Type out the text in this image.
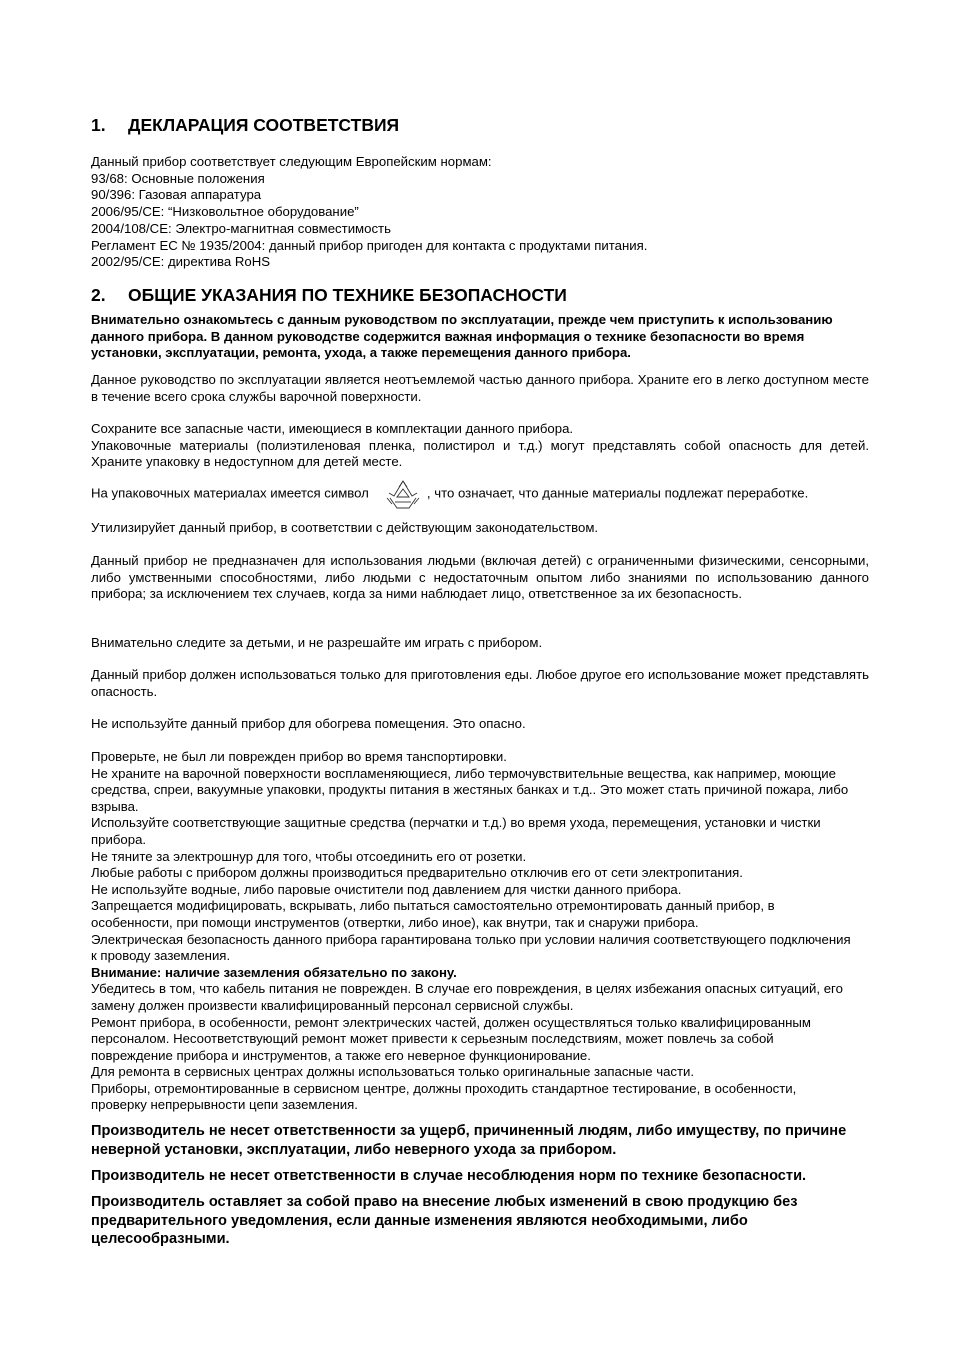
1. ДЕКЛАРАЦИЯ СООТВЕТСТВИЯ

Данный прибор соответствует следующим Европейским нормам:

93/68: Основные положения

90/396: Газовая аппаратура

2006/95/CE: “Низковольтное оборудование”

2004/108/CE: Электро-магнитная совместимость

Регламент ЕС № 1935/2004: данный прибор пригоден для контакта с продуктами питания.

2002/95/CE: директива RoHS

2. ОБЩИЕ УКАЗАНИЯ ПО ТЕХНИКЕ БЕЗОПАСНОСТИ

Внимательно ознакомьтесь с данным руководством по эксплуатации, прежде чем приступить к использованию данного прибора. В данном руководстве содержится важная информация о технике безопасности во время установки, эксплуатации, ремонта, ухода, а также перемещения данного прибора.

Данное руководство по эксплуатации является неотъемлемой частью данного прибора. Храните его в легко доступном месте в течение всего срока службы варочной поверхности.

Сохраните все запасные части, имеющиеся в комплектации данного прибора.

Упаковочные материалы (полиэтиленовая пленка, полистирол и т.д.) могут представлять собой опасность для детей. Храните упаковку в недоступном для детей месте.

На упаковочных материалах имеется символ	, что означает, что данные материалы подлежат переработке.

Утилизируйет данный прибор, в соответствии с действующим законодательством.

Данный прибор не предназначен для использования людьми (включая детей) с ограниченными физическими, сенсорными, либо умственными способностями, либо людьми с недостаточным опытом либо знаниями по использованию данного прибора; за исключением тех случаев, когда за ними наблюдает лицо, ответственное за их безопасность.

Внимательно следите за детьми, и не разрешайте им играть с прибором.

Данный прибор должен использоваться только для приготовления еды. Любое другое его использование может представлять опасность.

Не используйте данный прибор для обогрева помещения. Это опасно.

Проверьте, не был ли поврежден прибор во время танспортировки.

Не храните на варочной поверхности воспламеняющиеся, либо термочувствительные вещества, как например, моющие средства, спреи, вакуумные упаковки, продукты питания в жестяных банках и т.д.. Это может стать причиной пожара, либо взрыва.

Используйте соответствующие защитные средства (перчатки и т.д.) во время ухода, перемещения, установки и чистки прибора.

Не тяните за электрошнур для того, чтобы отсоединить его от розетки.

Любые работы с прибором должны производиться предварительно отключив его от сети электропитания.

Не используйте водные, либо паровые очистители под давлением для чистки данного прибора.

Запрещается модифицировать, вскрывать, либо пытаться самостоятельно отремонтировать данный прибор, в особенности, при помощи инструментов (отвертки, либо иное), как внутри, так и снаружи прибора.

Электрическая безопасность данного прибора гарантирована только при условии наличия соответствующего подключения к проводу заземления.

Внимание: наличие заземления обязательно по закону.

Убедитесь в том, что кабель питания не поврежден. В случае его повреждения, в целях избежания опасных ситуаций, его замену должен произвести квалифицированный персонал сервисной службы.

Ремонт прибора, в особенности, ремонт электрических частей, должен осуществляться только квалифицированным персоналом. Несоответствующий ремонт может привести к серьезным последствиям, может повлечь за собой повреждение прибора и инструментов, а также его неверное функционирование.

Для ремонта в сервисных центрах должны использоваться только оригинальные запасные части.

Приборы, отремонтированные в сервисном центре, должны проходить стандартное тестирование, в особенности, проверку непрерывности цепи заземления.

Производитель не несет ответственности за ущерб, причиненный людям, либо имуществу, по причине неверной установки, эксплуатации, либо неверного ухода за прибором.

Производитель не несет ответственности в случае несоблюдения норм по технике безопасности.

Производитель оставляет за собой право на внесение любых изменений в свою продукцию без предварительного уведомления, если данные изменения являются необходимыми, либо целесообразными.
